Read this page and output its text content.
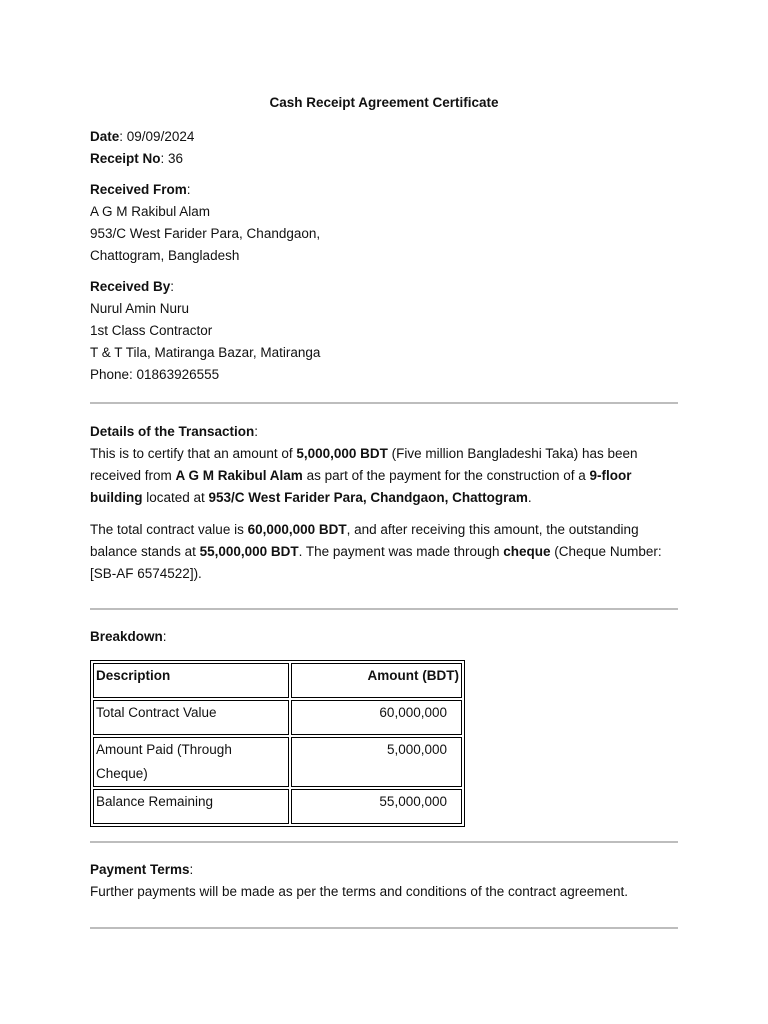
Cash Receipt Agreement Certificate

Date: 09/09/2024

Receipt No: 36

Received From:

A G M Rakibul Alam

953/C West Farider Para, Chandgaon,

Chattogram, Bangladesh

Received By:

Nurul Amin Nuru

1st Class Contractor

T & T Tila, Matiranga Bazar, Matiranga

Phone: 01863926555

Details of the Transaction:

This is to certify that an amount of 5,000,000 BDT (Five million Bangladeshi Taka) has been
received from A G M Rakibul Alam as part of the payment for the construction of a 9-floor
building located at 953/C West Farider Para, Chandgaon, Chattogram.

The total contract value is 60,000,000 BDT, and after receiving this amount, the outstanding
balance stands at 55,000,000 BDT. The payment was made through cheque (Cheque Number:
[SB-AF 6574522]).

Breakdown:

Description	Amount (BDT)
Total Contract Value	60,000,000
Amount Paid (Through Cheque)	5,000,000
Balance Remaining	55,000,000

Payment Terms:

Further payments will be made as per the terms and conditions of the contract agreement.
